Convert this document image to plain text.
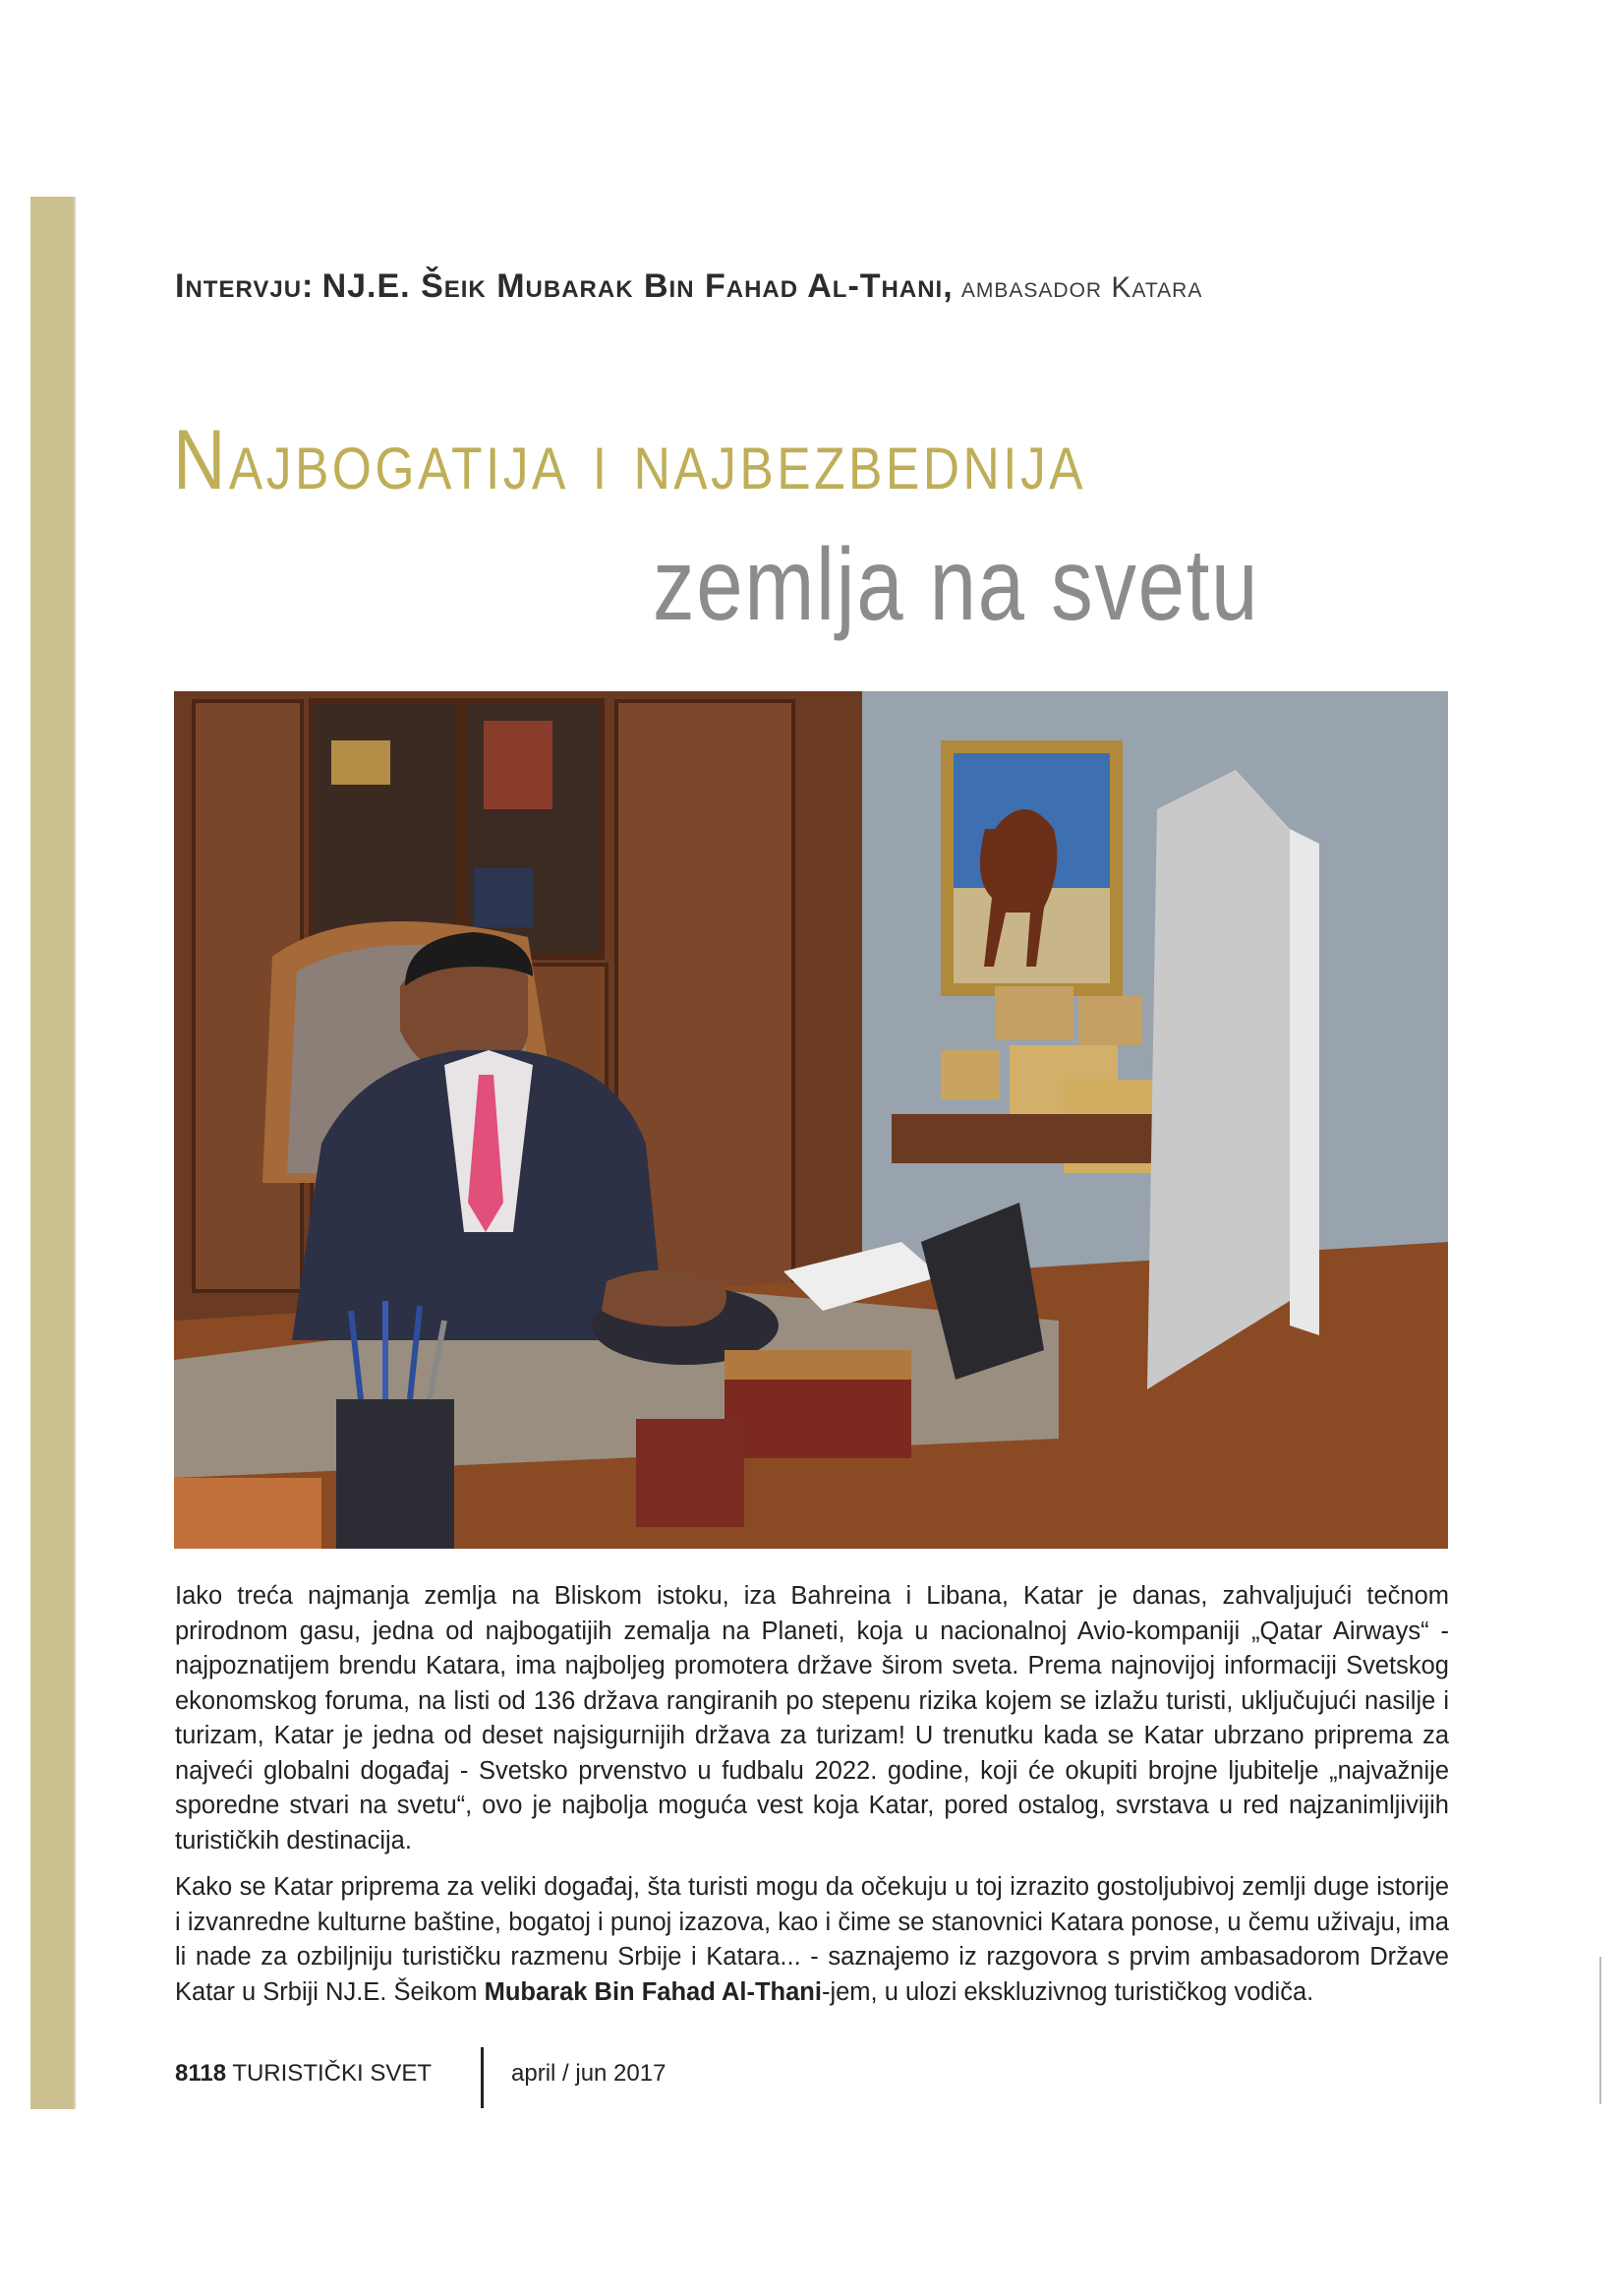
Intervju: NJ.E. Šeik Mubarak Bin Fahad Al-Thani, ambasador Katara
Najbogatija i najbezbednija
zemlja na svetu

Iako treća najmanja zemlja na Bliskom istoku, iza Bahreina i Libana, Katar je danas, zahvaljujući tečnom prirodnom gasu, jedna od najbogatijih zemalja na Planeti, koja u nacionalnoj Avio-kompaniji „Qatar Airways“ - najpoznatijem brendu Katara, ima najboljeg promotera države širom sveta. Prema najnovijoj informaciji Svetskog ekonomskog foruma, na listi od 136 država rangiranih po stepenu rizika kojem se izlažu turisti, uključujući nasilje i turizam, Katar je jedna od deset najsigurnijih država za turizam! U trenutku kada se Katar ubrzano priprema za najveći globalni događaj - Svetsko prvenstvo u fudbalu 2022. godine, koji će okupiti brojne ljubitelje „najvažnije sporedne stvari na svetu“, ovo je najbolja moguća vest koja Katar, pored ostalog, svrstava u red najzanimljivijih turističkih destinacija.

Kako se Katar priprema za veliki događaj, šta turisti mogu da očekuju u toj izrazito gostoljubivoj zemlji duge istorije i izvanredne kulturne baštine, bogatoj i punoj izazova, kao i čime se stanovnici Katara ponose, u čemu uživaju, ima li nade za ozbiljniju turističku razmenu Srbije i Katara... - saznajemo iz razgovora s prvim ambasadorom Države Katar u Srbiji NJ.E. Šeikom Mubarak Bin Fahad Al-Thani-jem, u ulozi ekskluzivnog turističkog vodiča.

8118 TURISTIČKI SVET	april / jun 2017
